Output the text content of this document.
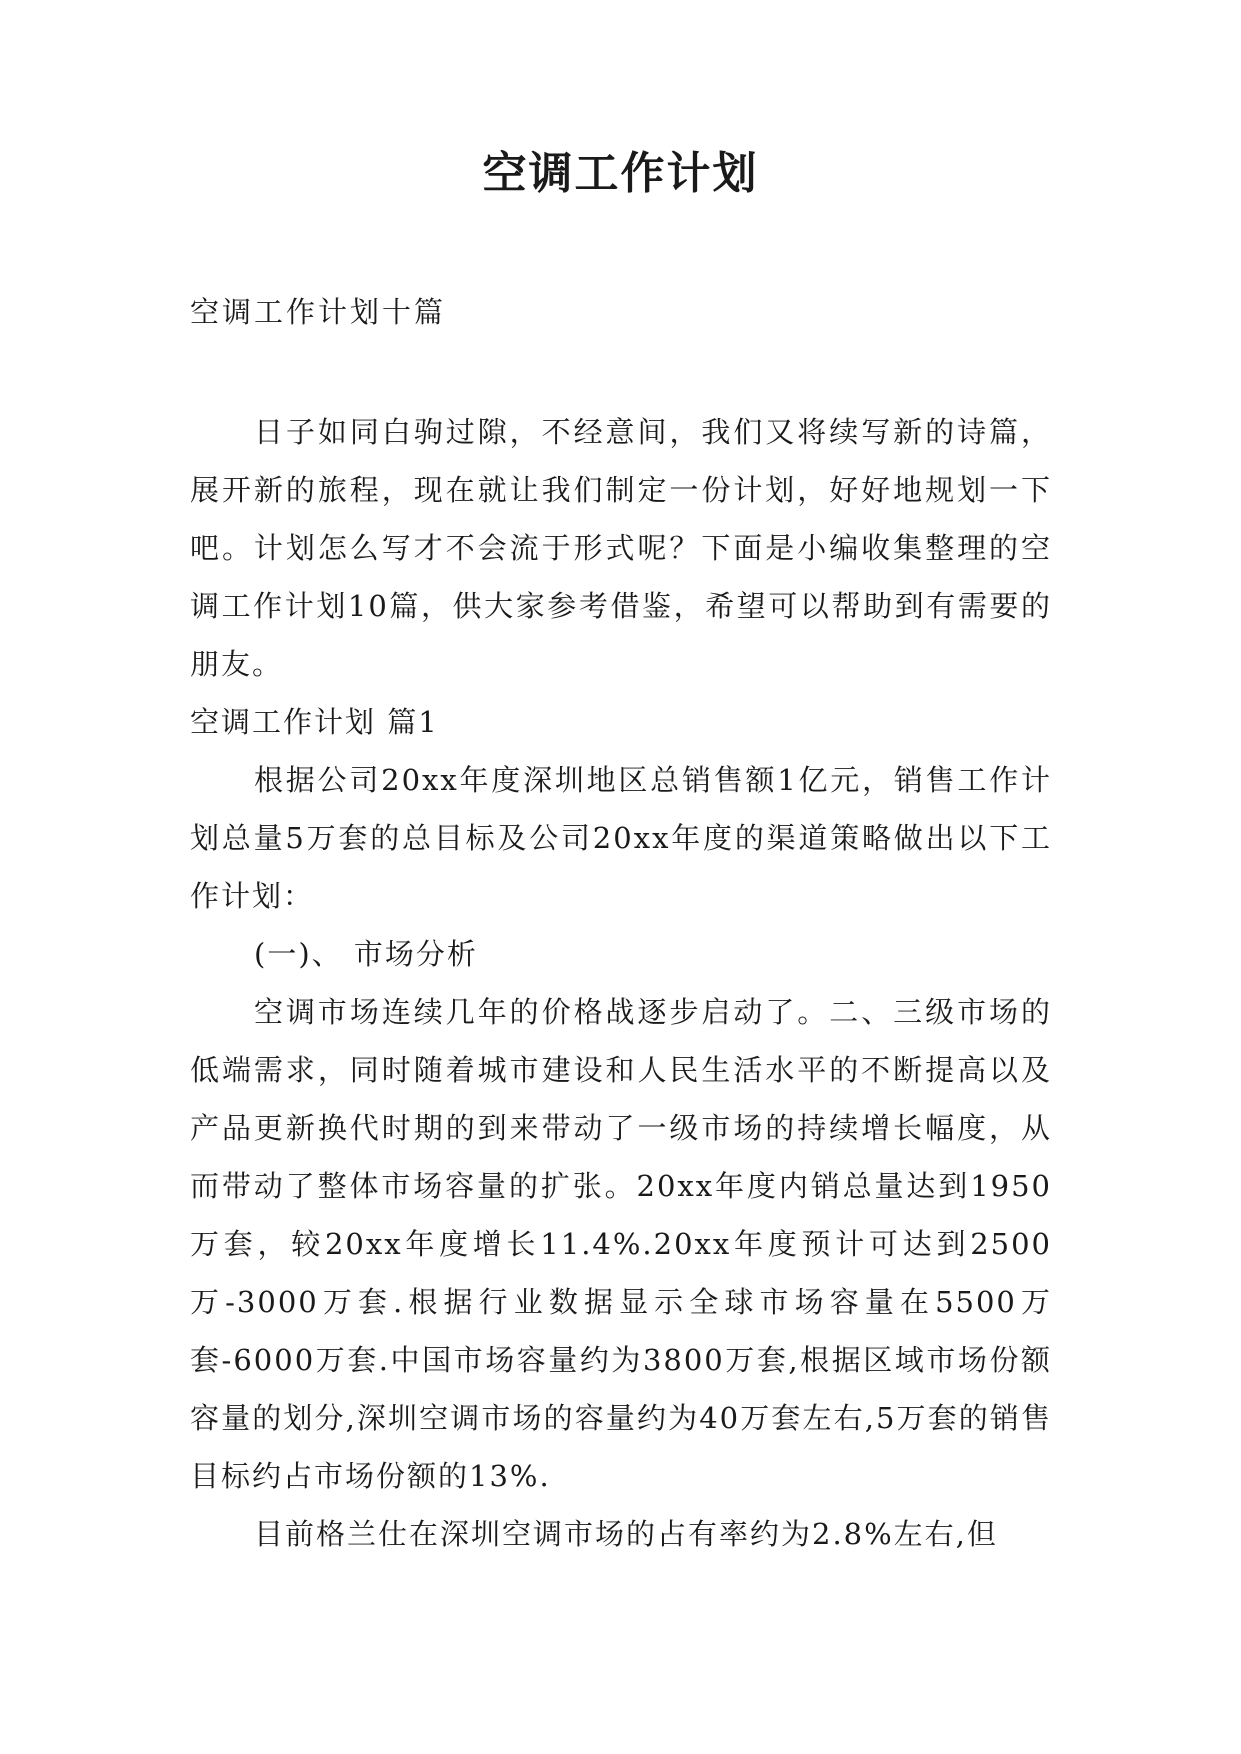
空调工作计划
空调工作计划十篇

日子如同白驹过隙，不经意间，我们又将续写新的诗篇，展开新的旅程，现在就让我们制定一份计划，好好地规划一下吧。计划怎么写才不会流于形式呢？下面是小编收集整理的空调工作计划10篇，供大家参考借鉴，希望可以帮助到有需要的朋友。

空调工作计划 篇1

根据公司20xx年度深圳地区总销售额1亿元，销售工作计划总量5万套的总目标及公司20xx年度的渠道策略做出以下工作计划：

(一)、 市场分析

空调市场连续几年的价格战逐步启动了。二、三级市场的低端需求，同时随着城市建设和人民生活水平的不断提高以及产品更新换代时期的到来带动了一级市场的持续增长幅度，从而带动了整体市场容量的扩张。20xx年度内销总量达到1950万套，较20xx年度增长11.4%.20xx年度预计可达到2500万-3000万套.根据行业数据显示全球市场容量在5500万套-6000万套.中国市场容量约为3800万套,根据区域市场份额容量的划分,深圳空调市场的容量约为40万套左右,5万套的销售目标约占市场份额的13%.

目前格兰仕在深圳空调市场的占有率约为2.8%左右,但
